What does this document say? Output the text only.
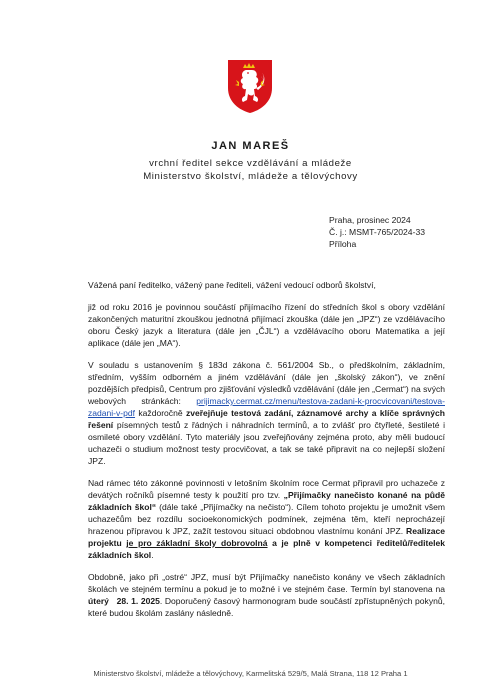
JAN MAREŠ
vrchní ředitel sekce vzdělávání a mládeže
Ministerstvo školství, mládeže a tělovýchovy
Praha, prosinec 2024
Č. j.: MSMT-765/2024-33
Příloha

Vážená paní ředitelko, vážený pane řediteli, vážení vedoucí odborů školství,

již od roku 2016 je povinnou součástí přijímacího řízení do středních škol s obory vzdělání zakončených maturitní zkouškou jednotná přijímací zkouška (dále jen „JPZ“) ze vzdělávacího oboru Český jazyk a literatura (dále jen „ČJL“) a vzdělávacího oboru Matematika a její aplikace (dále jen „MA“).

V souladu s ustanovením § 183d zákona č. 561/2004 Sb., o předškolním, základním, středním, vyšším odborném a jiném vzdělávání (dále jen „školský zákon“), ve znění pozdějších předpisů, Centrum pro zjišťování výsledků vzdělávání (dále jen „Cermat“) na svých webových stránkách: prijimacky.cermat.cz/menu/testova-zadani-k-procvicovani/testova-zadani-v-pdf každoročně zveřejňuje testová zadání, záznamové archy a klíče správných řešení písemných testů z řádných i náhradních termínů, a to zvlášť pro čtyřleté, šestileté i osmileté obory vzdělání. Tyto materiály jsou zveřejňovány zejména proto, aby měli budoucí uchazeči o studium možnost testy procvičovat, a tak se také připravit na co nejlepší složení JPZ.

Nad rámec této zákonné povinnosti v letošním školním roce Cermat připravil pro uchazeče z devátých ročníků písemné testy k použití pro tzv. „Přijímačky nanečisto konané na půdě základních škol“ (dále také „Přijímačky na nečisto“). Cílem tohoto projektu je umožnit všem uchazečům bez rozdílu socioekonomických podmínek, zejména těm, kteří neprocházejí hrazenou přípravou k JPZ, zažít testovou situaci obdobnou vlastnímu konání JPZ. Realizace projektu je pro základní školy dobrovolná a je plně v kompetenci ředitelů/ředitelek základních škol.

Obdobně, jako při „ostré“ JPZ, musí být Přijímačky nanečisto konány ve všech základních školách ve stejném termínu a pokud je to možné i ve stejném čase. Termín byl stanovena na úterý 28. 1. 2025. Doporučený časový harmonogram bude součástí zpřístupněných pokynů, které budou školám zaslány následně.

Ministerstvo školství, mládeže a tělovýchovy, Karmelitská 529/5, Malá Strana, 118 12 Praha 1
